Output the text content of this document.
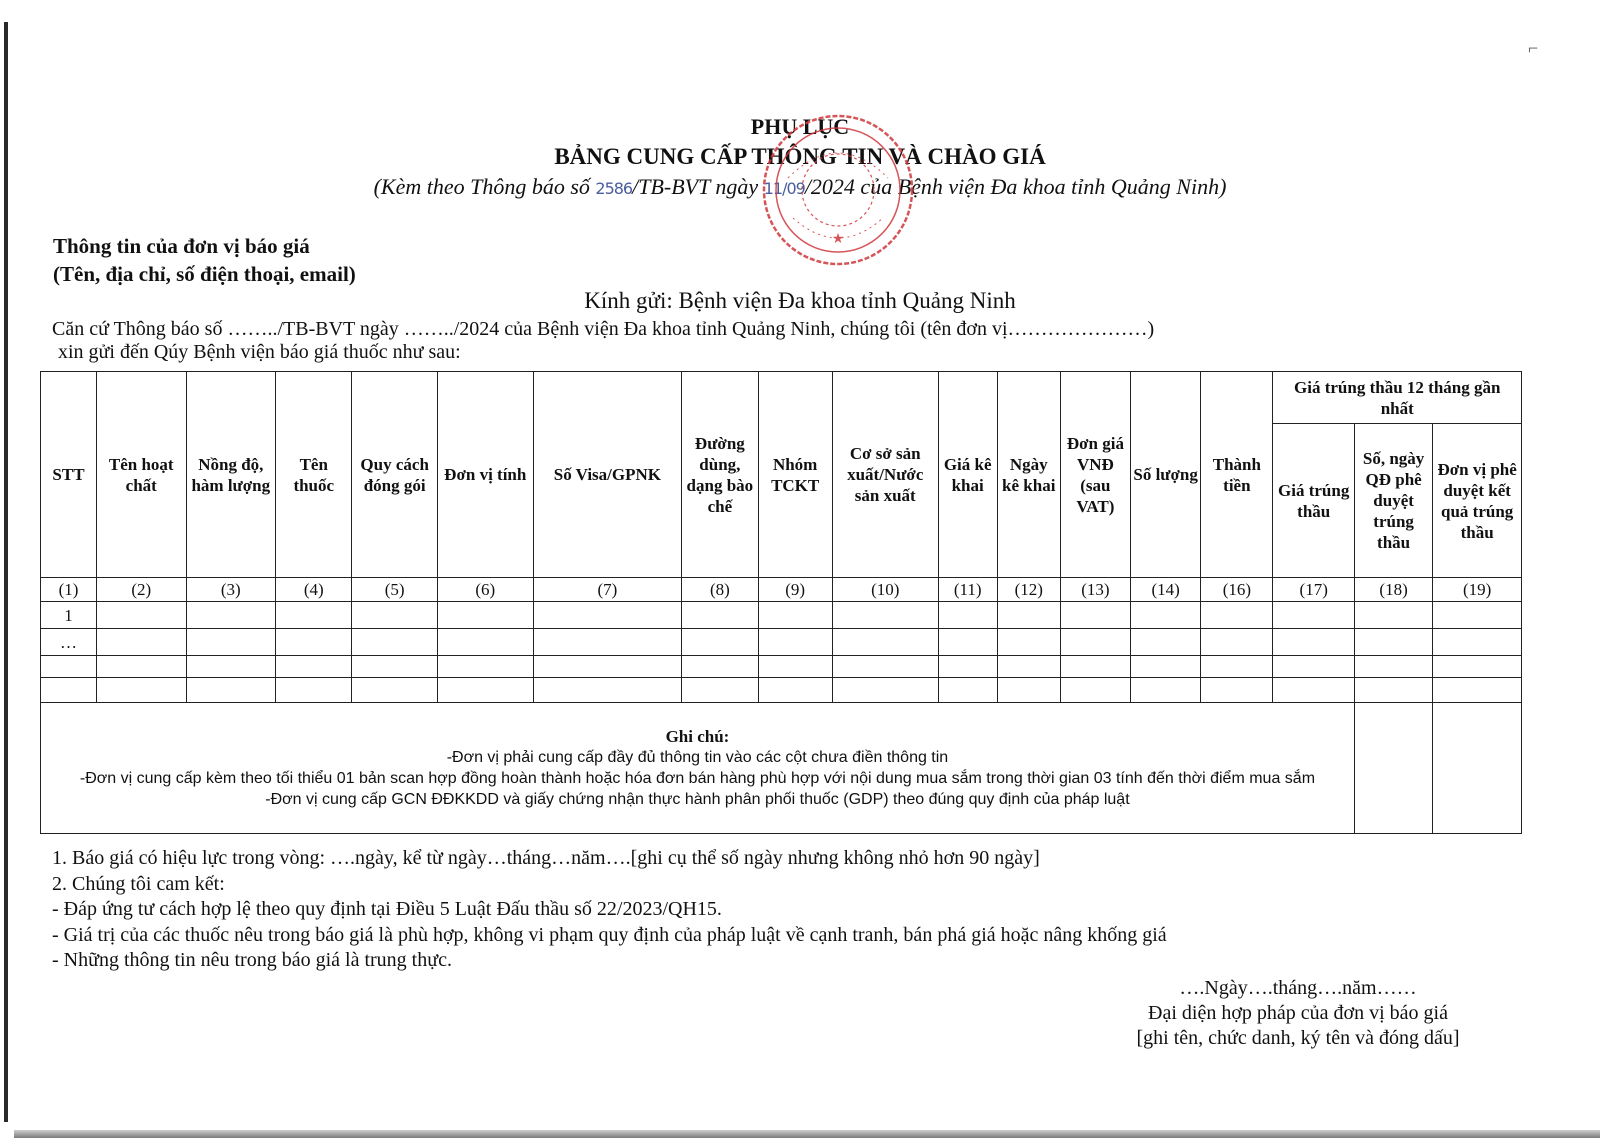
⌐
PHỤ LỤC
BẢNG CUNG CẤP THÔNG TIN VÀ CHÀO GIÁ
(Kèm theo Thông báo số 2586/TB-BVT ngày 11/09/2024 của Bệnh viện Đa khoa tỉnh Quảng Ninh)
★
Thông tin của đơn vị báo giá
(Tên, địa chỉ, số điện thoại, email)
Kính gửi: Bệnh viện Đa khoa tỉnh Quảng Ninh
Căn cứ Thông báo số ……../TB-BVT ngày ……../2024 của Bệnh viện Đa khoa tỉnh Quảng Ninh, chúng tôi (tên đơn vị…………………)
xin gửi đến Qúy Bệnh viện báo giá thuốc như sau:
STT	Tên hoạt chất	Nồng độ, hàm lượng	Tên thuốc	Quy cách đóng gói	Đơn vị tính	Số Visa/GPNK	Đường dùng, dạng bào chế	Nhóm TCKT	Cơ sở sản xuất/Nước sản xuất	Giá kê khai	Ngày kê khai	Đơn giá VNĐ (sau VAT)	Số lượng	Thành tiền	Giá trúng thầu 12 tháng gần nhất		
															Giá trúng thầu	Số, ngày QĐ phê duyệt trúng thầu	Đơn vị phê duyệt kết quả trúng thầu
(1)	(2)	(3)	(4)	(5)	(6)	(7)	(8)	(9)	(10)	(11)	(12)	(13)	(14)	(16)	(17)	(18)	(19)
1																	
…																	

Ghi chú:
-Đơn vị phải cung cấp đầy đủ thông tin vào các cột chưa điền thông tin
-Đơn vị cung cấp kèm theo tối thiểu 01 bản scan hợp đồng hoàn thành hoặc hóa đơn bán hàng phù hợp với nội dung mua sắm trong thời gian 03 tính đến thời điểm mua sắm
-Đơn vị cung cấp GCN ĐĐKKDD và giấy chứng nhận thực hành phân phối thuốc (GDP) theo đúng quy định của pháp luật																	

1. Báo giá có hiệu lực trong vòng: ….ngày, kể từ ngày…tháng…năm….[ghi cụ thể số ngày nhưng không nhỏ hơn 90 ngày]
2. Chúng tôi cam kết:
- Đáp ứng tư cách hợp lệ theo quy định tại Điều 5 Luật Đấu thầu số 22/2023/QH15.
- Giá trị của các thuốc nêu trong báo giá là phù hợp, không vi phạm quy định của pháp luật về cạnh tranh, bán phá giá hoặc nâng khống giá
- Những thông tin nêu trong báo giá là trung thực.
….Ngày….tháng….năm……
Đại diện hợp pháp của đơn vị báo giá
[ghi tên, chức danh, ký tên và đóng dấu]
